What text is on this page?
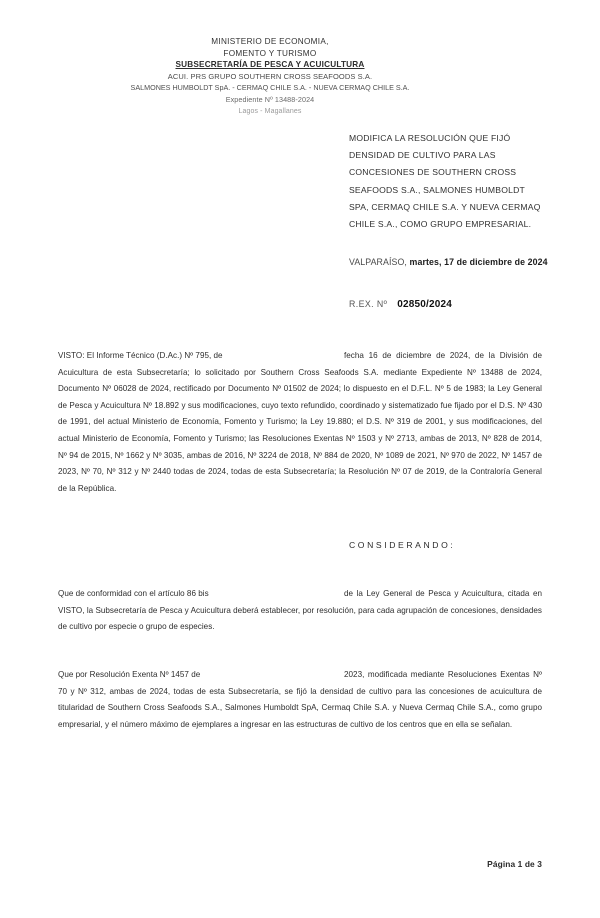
MINISTERIO DE ECONOMIA,
FOMENTO Y TURISMO
SUBSECRETARÍA DE PESCA Y ACUICULTURA
ACUI. PRS GRUPO SOUTHERN CROSS SEAFOODS S.A.
SALMONES HUMBOLDT SpA. - CERMAQ CHILE S.A. - NUEVA CERMAQ CHILE S.A.
Expediente Nº 13488-2024
Lagos - Magallanes
MODIFICA LA RESOLUCIÓN QUE FIJÓ
DENSIDAD DE CULTIVO PARA LAS
CONCESIONES DE SOUTHERN CROSS
SEAFOODS S.A., SALMONES HUMBOLDT
SPA, CERMAQ CHILE S.A. Y NUEVA CERMAQ
CHILE S.A., COMO GRUPO EMPRESARIAL.
VALPARAÍSO, martes, 17 de diciembre de 2024
R.EX. Nº 02850/2024
VISTO: El Informe Técnico (D.Ac.) Nº 795, de	fecha 16 de diciembre de 2024, de la División de Acuicultura de esta Subsecretaría; lo solicitado por Southern Cross Seafoods S.A. mediante Expediente Nº 13488 de 2024, Documento Nº 06028 de 2024, rectificado por Documento Nº 01502 de 2024; lo dispuesto en el D.F.L. Nº 5 de 1983; la Ley General de Pesca y Acuicultura Nº 18.892 y sus modificaciones, cuyo texto refundido, coordinado y sistematizado fue fijado por el D.S. Nº 430 de 1991, del actual Ministerio de Economía, Fomento y Turismo; la Ley 19.880; el D.S. Nº 319 de 2001, y sus modificaciones, del actual Ministerio de Economía, Fomento y Turismo; las Resoluciones Exentas Nº 1503 y Nº 2713, ambas de 2013, Nº 828 de 2014, Nº 94 de 2015, Nº 1662 y Nº 3035, ambas de 2016, Nº 3224 de 2018, Nº 884 de 2020, Nº 1089 de 2021, Nº 970 de 2022, Nº 1457 de 2023, Nº 70, Nº 312 y Nº 2440 todas de 2024, todas de esta Subsecretaría; la Resolución Nº 07 de 2019, de la Contraloría General de la República.
CONSIDERANDO:
Que de conformidad con el artículo 86 bis	de la Ley General de Pesca y Acuicultura, citada en VISTO, la Subsecretaría de Pesca y Acuicultura deberá establecer, por resolución, para cada agrupación de concesiones, densidades de cultivo por especie o grupo de especies.
Que por Resolución Exenta Nº 1457 de	2023, modificada mediante Resoluciones Exentas Nº 70 y Nº 312, ambas de 2024, todas de esta Subsecretaría, se fijó la densidad de cultivo para las concesiones de acuicultura de titularidad de Southern Cross Seafoods S.A., Salmones Humboldt SpA, Cermaq Chile S.A. y Nueva Cermaq Chile S.A., como grupo empresarial, y el número máximo de ejemplares a ingresar en las estructuras de cultivo de los centros que en ella se señalan.
Página 1 de 3
